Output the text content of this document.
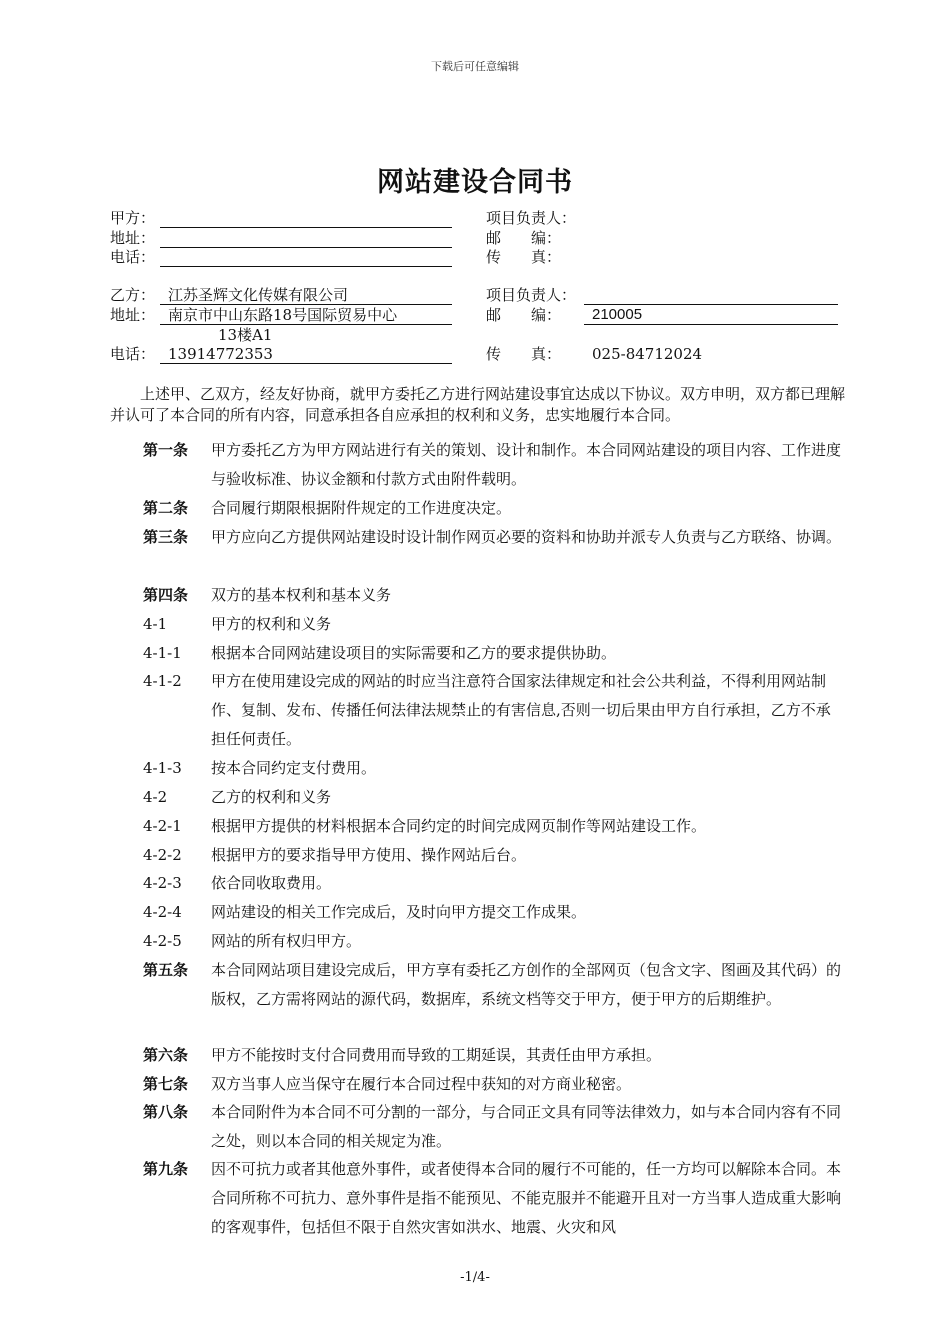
下载后可任意编辑
网站建设合同书
甲方：
地址：
电话：
项目负责人：
邮　　编：
传　　真：
乙方： 江苏圣辉文化传媒有限公司
地址： 南京市中山东路18号国际贸易中心
13楼A1
电话： 13914772353
项目负责人：
邮　　编：	210005
传　　真：	025-84712024
上述甲、乙双方，经友好协商，就甲方委托乙方进行网站建设事宜达成以下协议。双方申明，双方都已理解并认可了本合同的所有内容，同意承担各自应承担的权利和义务，忠实地履行本合同。
第一条	甲方委托乙方为甲方网站进行有关的策划、设计和制作。本合同网站建设的项目内容、工作进度与验收标准、协议金额和付款方式由附件载明。
第二条	合同履行期限根据附件规定的工作进度决定。
第三条	甲方应向乙方提供网站建设时设计制作网页必要的资料和协助并派专人负责与乙方联络、协调。
第四条	双方的基本权利和基本义务
4-1	甲方的权利和义务
4-1-1	根据本合同网站建设项目的实际需要和乙方的要求提供协助。
4-1-2	甲方在使用建设完成的网站的时应当注意符合国家法律规定和社会公共利益，不得利用网站制作、复制、发布、传播任何法律法规禁止的有害信息,否则一切后果由甲方自行承担，乙方不承担任何责任。
4-1-3	按本合同约定支付费用。
4-2	乙方的权利和义务
4-2-1	根据甲方提供的材料根据本合同约定的时间完成网页制作等网站建设工作。
4-2-2	根据甲方的要求指导甲方使用、操作网站后台。
4-2-3	依合同收取费用。
4-2-4	网站建设的相关工作完成后，及时向甲方提交工作成果。
4-2-5	网站的所有权归甲方。
第五条	本合同网站项目建设完成后，甲方享有委托乙方创作的全部网页（包含文字、图画及其代码）的版权，乙方需将网站的源代码，数据库，系统文档等交于甲方，便于甲方的后期维护。
第六条	甲方不能按时支付合同费用而导致的工期延误，其责任由甲方承担。
第七条	双方当事人应当保守在履行本合同过程中获知的对方商业秘密。
第八条	本合同附件为本合同不可分割的一部分，与合同正文具有同等法律效力，如与本合同内容有不同之处，则以本合同的相关规定为准。
第九条	因不可抗力或者其他意外事件，或者使得本合同的履行不可能的，任一方均可以解除本合同。本合同所称不可抗力、意外事件是指不能预见、不能克服并不能避开且对一方当事人造成重大影响的客观事件，包括但不限于自然灾害如洪水、地震、火灾和风
-1/4-
